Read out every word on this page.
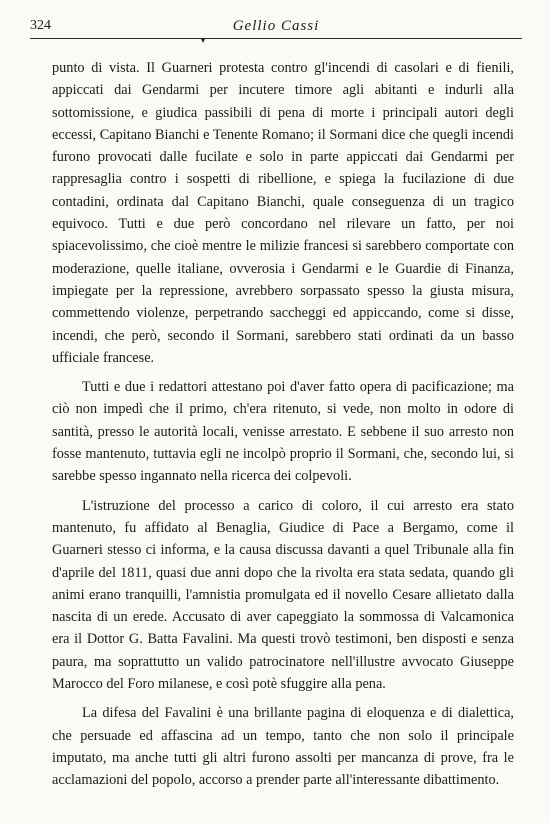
324	Gellio Cassi
▾

punto di vista. Il Guarneri protesta contro gl'incendi di casolari e di fienili, appiccati dai Gendarmi per incutere timore agli abitanti e indurli alla sottomissione, e giudica passibili di pena di morte i principali autori degli eccessi, Capitano Bianchi e Tenente Romano; il Sormani dice che quegli incendi furono provocati dalle fucilate e solo in parte appiccati dai Gendarmi per rappresaglia contro i sospetti di ribellione, e spiega la fucilazione di due contadini, ordinata dal Capitano Bianchi, quale conseguenza di un tragico equivoco. Tutti e due però concordano nel rilevare un fatto, per noi spiacevolissimo, che cioè mentre le milizie francesi si sarebbero comportate con moderazione, quelle italiane, ovverosia i Gendarmi e le Guardie di Finanza, impiegate per la repressione, avrebbero sorpassato spesso la giusta misura, commettendo violenze, perpetrando saccheggi ed appiccando, come si disse, incendi, che però, secondo il Sormani, sarebbero stati ordinati da un basso ufficiale francese.

Tutti e due i redattori attestano poi d'aver fatto opera di pacificazione; ma ciò non impedì che il primo, ch'era ritenuto, si vede, non molto in odore di santità, presso le autorità locali, venisse arrestato. E sebbene il suo arresto non fosse mantenuto, tuttavia egli ne incolpò proprio il Sormani, che, secondo lui, si sarebbe spesso ingannato nella ricerca dei colpevoli.

L'istruzione del processo a carico di coloro, il cui arresto era stato mantenuto, fu affidato al Benaglia, Giudice di Pace a Bergamo, come il Guarneri stesso ci informa, e la causa discussa davanti a quel Tribunale alla fin d'aprile del 1811, quasi due anni dopo che la rivolta era stata sedata, quando gli animi erano tranquilli, l'amnistia promulgata ed il novello Cesare allietato dalla nascita di un erede. Accusato di aver capeggiato la sommossa di Valcamonica era il Dottor G. Batta Favalini. Ma questi trovò testimoni, ben disposti e senza paura, ma soprattutto un valido patrocinatore nell'illustre avvocato Giuseppe Marocco del Foro milanese, e così potè sfuggire alla pena.

La difesa del Favalini è una brillante pagina di eloquenza e di dialettica, che persuade ed affascina ad un tempo, tanto che non solo il principale imputato, ma anche tutti gli altri furono assolti per mancanza di prove, fra le acclamazioni del popolo, accorso a prender parte all'interessante dibattimento.
